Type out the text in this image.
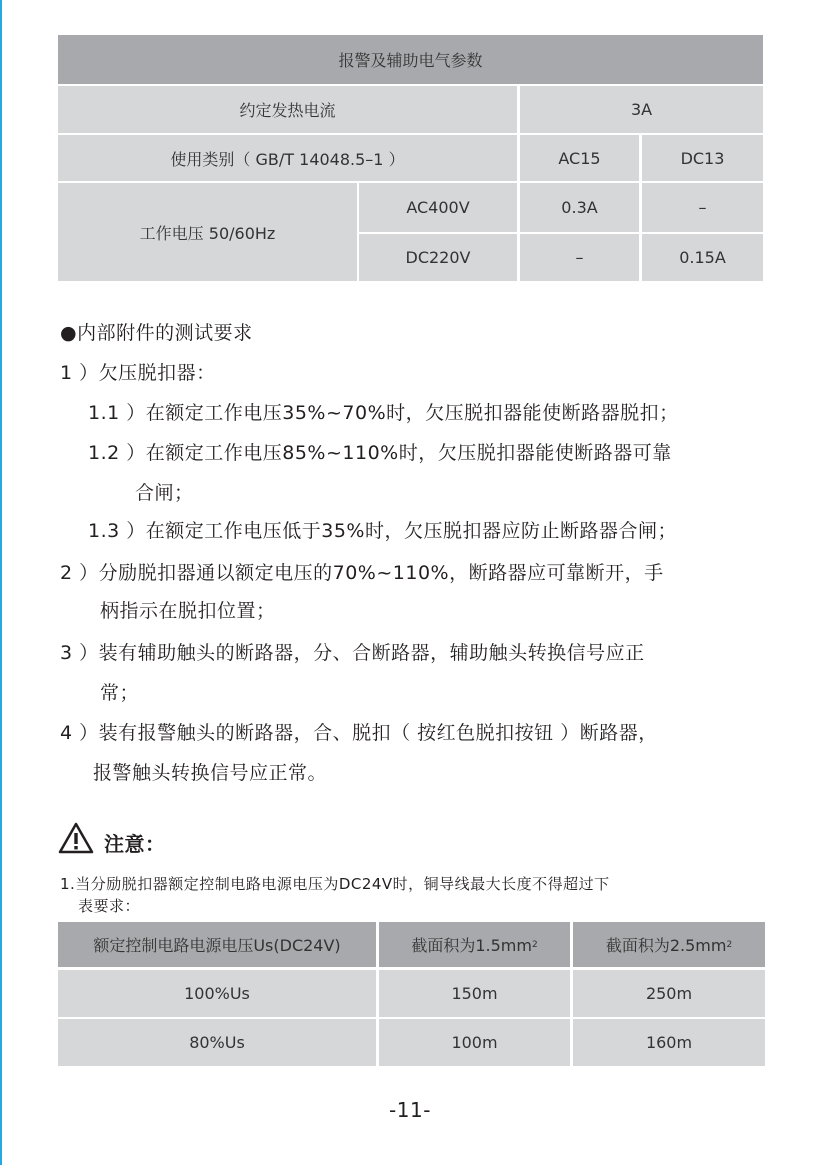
报警及辅助电气参数
约定发热电流	3A
使用类别（ GB/T 14048.5–1 ）	AC15	DC13
工作电压 50/60Hz
AC400V	0.3A	–
DC220V	–	0.15A
●内部附件的测试要求
1 ）欠压脱扣器：
1.1 ）在额定工作电压35%~70%时，欠压脱扣器能使断路器脱扣；
1.2 ）在额定工作电压85%~110%时，欠压脱扣器能使断路器可靠
合闸；
1.3 ）在额定工作电压低于35%时，欠压脱扣器应防止断路器合闸；
2 ）分励脱扣器通以额定电压的70%~110%，断路器应可靠断开，手
柄指示在脱扣位置；
3 ）装有辅助触头的断路器，分、合断路器，辅助触头转换信号应正
常；
4 ）装有报警触头的断路器，合、脱扣（ 按红色脱扣按钮 ）断路器，
报警触头转换信号应正常。
注意：
1.当分励脱扣器额定控制电路电源电压为DC24V时，铜导线最大长度不得超过下
表要求：
额定控制电路电源电压Us(DC24V)	截面积为1.5mm 2	截面积为2.5mm 2
100%Us	150m	250m
80%Us	100m	160m
-11-
